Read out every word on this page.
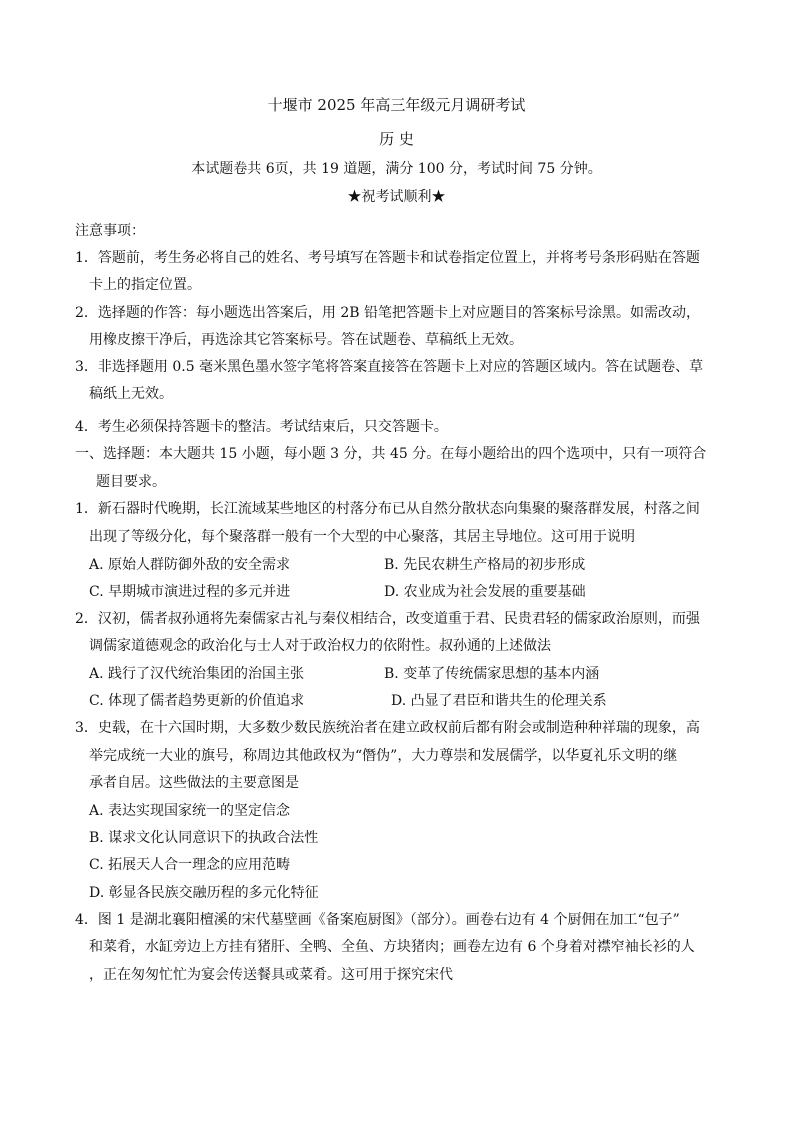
十堰市 2025 年高三年级元月调研考试
历 史
本试题卷共 6页，共 19 道题，满分 100 分，考试时间 75 分钟。
★祝考试顺利★
注意事项：
1．答题前，考生务必将自己的姓名、考号填写在答题卡和试卷指定位置上，并将考号条形码贴在答题
卡上的指定位置。
2．选择题的作答：每小题选出答案后，用 2B 铅笔把答题卡上对应题目的答案标号涂黑。如需改动，
用橡皮擦干净后，再选涂其它答案标号。答在试题卷、草稿纸上无效。
3．非选择题用 0.5 毫米黑色墨水签字笔将答案直接答在答题卡上对应的答题区域内。答在试题卷、草
稿纸上无效。
4．考生必须保持答题卡的整洁。考试结束后，只交答题卡。
一、选择题：本大题共 15 小题，每小题 3 分，共 45 分。在每小题给出的四个选项中，只有一项符合
题目要求。
1．新石器时代晚期，长江流域某些地区的村落分布已从自然分散状态向集聚的聚落群发展，村落之间
出现了等级分化，每个聚落群一般有一个大型的中心聚落，其居主导地位。这可用于说明
A. 原始人群防御外敌的安全需求	B. 先民农耕生产格局的初步形成
C. 早期城市演进过程的多元并进	D. 农业成为社会发展的重要基础
2．汉初，儒者叔孙通将先秦儒家古礼与秦仪相结合，改变道重于君、民贵君轻的儒家政治原则，而强
调儒家道德观念的政治化与士人对于政治权力的依附性。叔孙通的上述做法
A. 践行了汉代统治集团的治国主张	B. 变革了传统儒家思想的基本内涵
C. 体现了儒者趋势更新的价值追求	D. 凸显了君臣和谐共生的伦理关系
3．史载，在十六国时期，大多数少数民族统治者在建立政权前后都有附会或制造种种祥瑞的现象，高
举完成统一大业的旗号，称周边其他政权为“僭伪”，大力尊崇和发展儒学，以华夏礼乐文明的继
承者自居。这些做法的主要意图是
A. 表达实现国家统一的坚定信念
B. 谋求文化认同意识下的执政合法性
C. 拓展天人合一理念的应用范畴
D. 彰显各民族交融历程的多元化特征
4．图 1 是湖北襄阳檀溪的宋代墓壁画《备案庖厨图》（部分）。画卷右边有 4 个厨佣在加工“包子”
和菜肴，水缸旁边上方挂有猪肝、全鸭、全鱼、方块猪肉；画卷左边有 6 个身着对襟窄袖长衫的人
，正在匆匆忙忙为宴会传送餐具或菜肴。这可用于探究宋代
